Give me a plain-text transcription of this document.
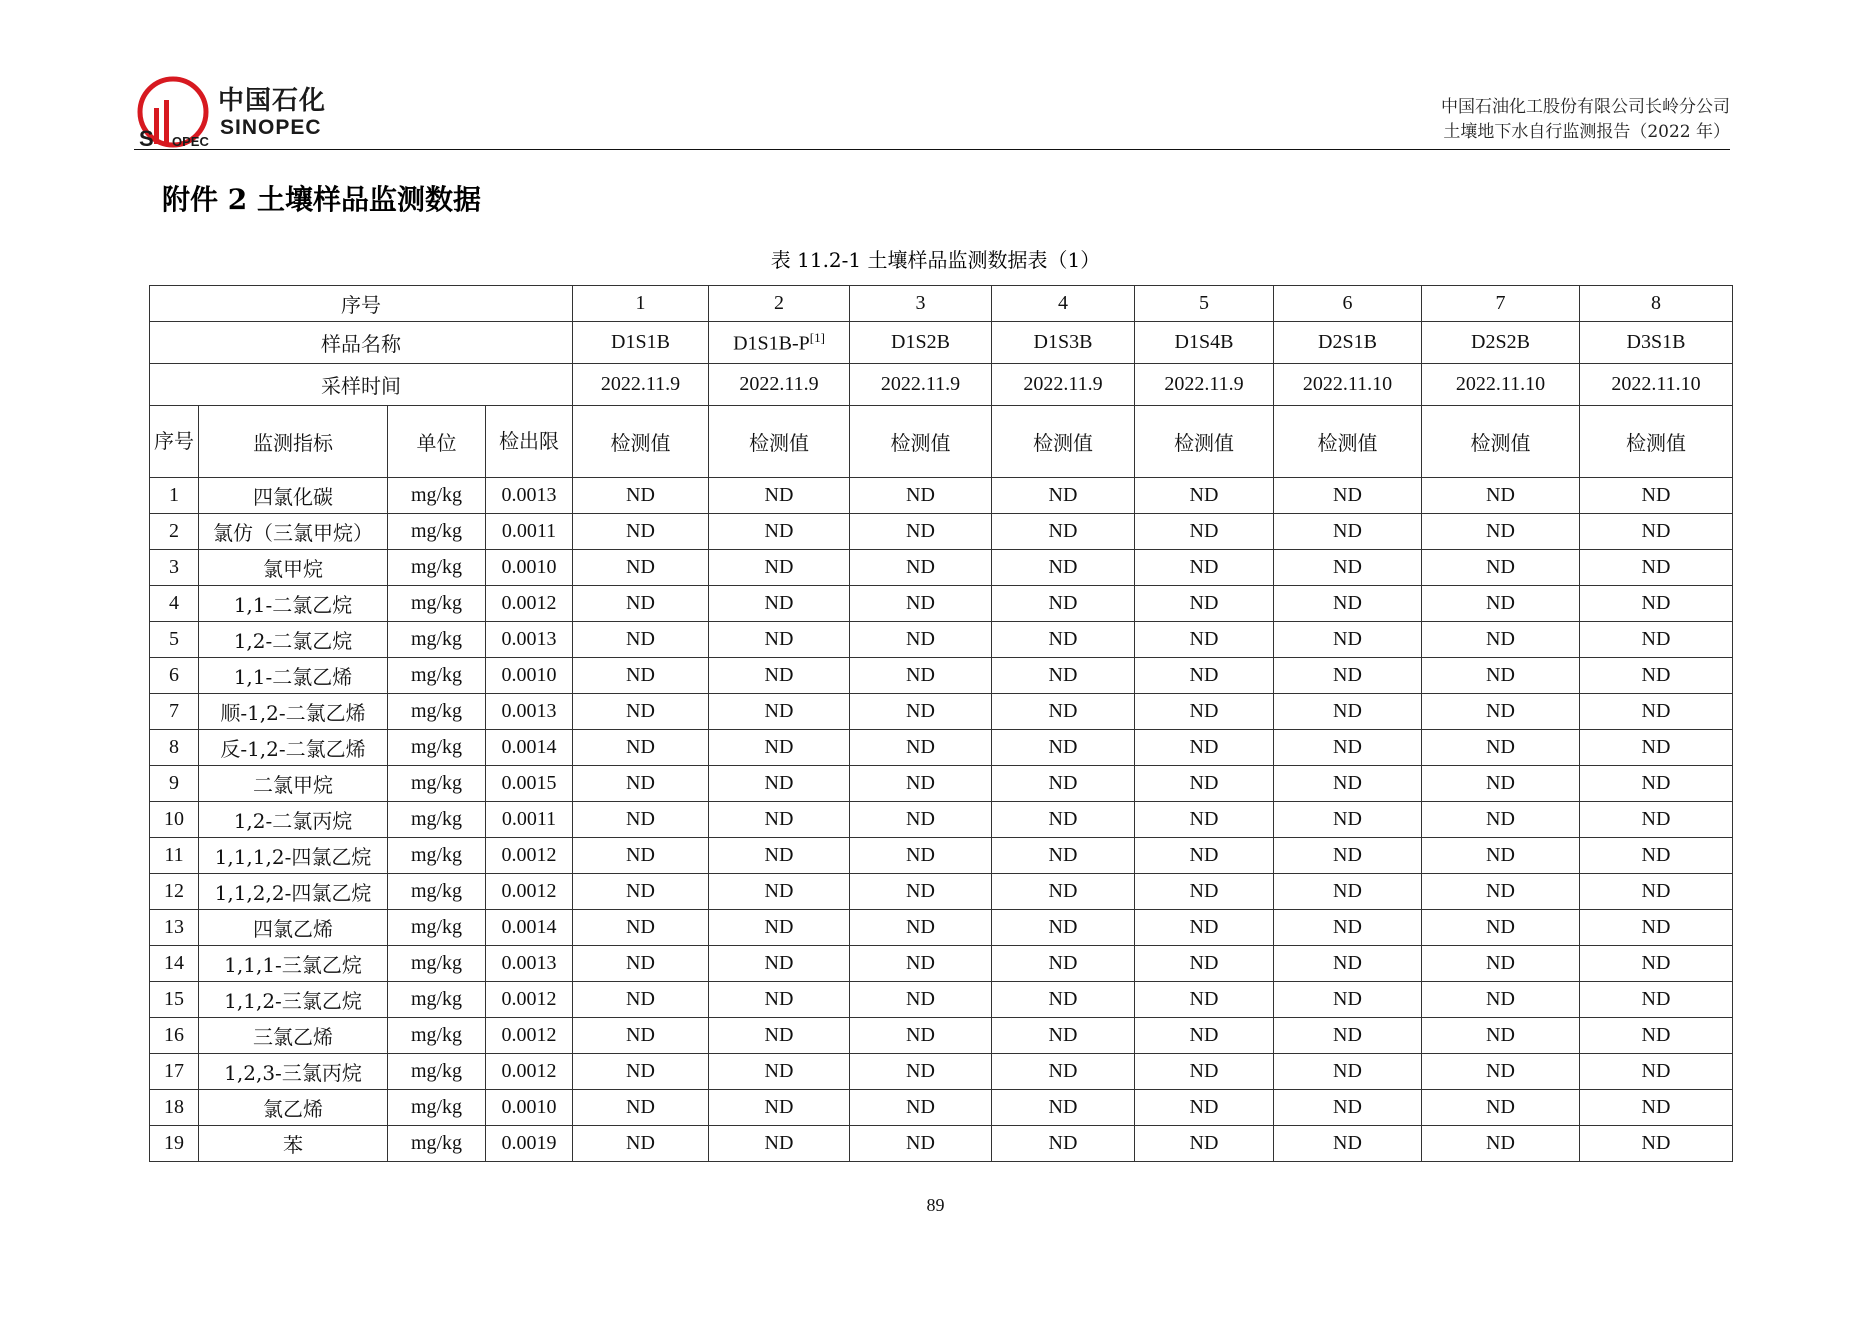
S OPEC
中国石化
SINOPEC
中国石油化工股份有限公司长岭分公司
土壤地下水自行监测报告（2022 年）
附件 2 土壤样品监测数据
表 11.2-1 土壤样品监测数据表（1）
序号				1	2	3	4	5	6	7	8
样品名称				D1S1B	D1S1B-P[1]	D1S2B	D1S3B	D1S4B	D2S1B	D2S2B	D3S1B
采样时间				2022.11.9	2022.11.9	2022.11.9	2022.11.9	2022.11.9	2022.11.10	2022.11.10	2022.11.10
序号	监测指标	单位	检出限	检测值	检测值	检测值	检测值	检测值	检测值	检测值	检测值
1	四氯化碳	mg/kg	0.0013	ND	ND	ND	ND	ND	ND	ND	ND
2	氯仿（三氯甲烷）	mg/kg	0.0011	ND	ND	ND	ND	ND	ND	ND	ND
3	氯甲烷	mg/kg	0.0010	ND	ND	ND	ND	ND	ND	ND	ND
4	1,1-二氯乙烷	mg/kg	0.0012	ND	ND	ND	ND	ND	ND	ND	ND
5	1,2-二氯乙烷	mg/kg	0.0013	ND	ND	ND	ND	ND	ND	ND	ND
6	1,1-二氯乙烯	mg/kg	0.0010	ND	ND	ND	ND	ND	ND	ND	ND
7	顺-1,2-二氯乙烯	mg/kg	0.0013	ND	ND	ND	ND	ND	ND	ND	ND
8	反-1,2-二氯乙烯	mg/kg	0.0014	ND	ND	ND	ND	ND	ND	ND	ND
9	二氯甲烷	mg/kg	0.0015	ND	ND	ND	ND	ND	ND	ND	ND
10	1,2-二氯丙烷	mg/kg	0.0011	ND	ND	ND	ND	ND	ND	ND	ND
11	1,1,1,2-四氯乙烷	mg/kg	0.0012	ND	ND	ND	ND	ND	ND	ND	ND
12	1,1,2,2-四氯乙烷	mg/kg	0.0012	ND	ND	ND	ND	ND	ND	ND	ND
13	四氯乙烯	mg/kg	0.0014	ND	ND	ND	ND	ND	ND	ND	ND
14	1,1,1-三氯乙烷	mg/kg	0.0013	ND	ND	ND	ND	ND	ND	ND	ND
15	1,1,2-三氯乙烷	mg/kg	0.0012	ND	ND	ND	ND	ND	ND	ND	ND
16	三氯乙烯	mg/kg	0.0012	ND	ND	ND	ND	ND	ND	ND	ND
17	1,2,3-三氯丙烷	mg/kg	0.0012	ND	ND	ND	ND	ND	ND	ND	ND
18	氯乙烯	mg/kg	0.0010	ND	ND	ND	ND	ND	ND	ND	ND
19	苯	mg/kg	0.0019	ND	ND	ND	ND	ND	ND	ND	ND
89
